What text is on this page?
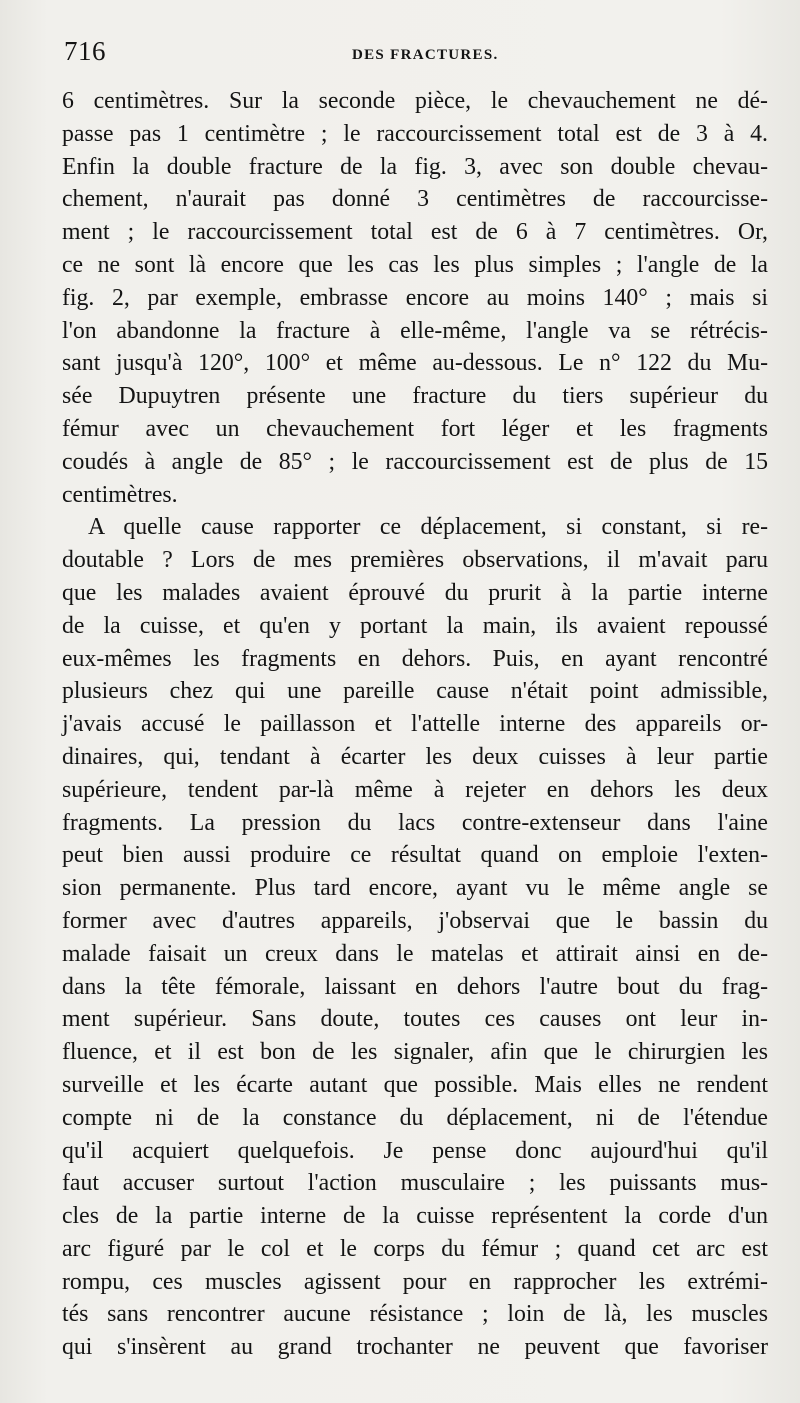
716	DES FRACTURES.
6 centimètres. Sur la seconde pièce, le chevauchement ne dé-
passe pas 1 centimètre ; le raccourcissement total est de 3 à 4.
Enfin la double fracture de la fig. 3, avec son double chevau-
chement, n'aurait pas donné 3 centimètres de raccourcisse-
ment ; le raccourcissement total est de 6 à 7 centimètres. Or,
ce ne sont là encore que les cas les plus simples ; l'angle de la
fig. 2, par exemple, embrasse encore au moins 140° ; mais si
l'on abandonne la fracture à elle-même, l'angle va se rétrécis-
sant jusqu'à 120°, 100° et même au-dessous. Le n° 122 du Mu-
sée Dupuytren présente une fracture du tiers supérieur du
fémur avec un chevauchement fort léger et les fragments
coudés à angle de 85° ; le raccourcissement est de plus de 15
centimètres.
A quelle cause rapporter ce déplacement, si constant, si re-
doutable ? Lors de mes premières observations, il m'avait paru
que les malades avaient éprouvé du prurit à la partie interne
de la cuisse, et qu'en y portant la main, ils avaient repoussé
eux-mêmes les fragments en dehors. Puis, en ayant rencontré
plusieurs chez qui une pareille cause n'était point admissible,
j'avais accusé le paillasson et l'attelle interne des appareils or-
dinaires, qui, tendant à écarter les deux cuisses à leur partie
supérieure, tendent par-là même à rejeter en dehors les deux
fragments. La pression du lacs contre-extenseur dans l'aine
peut bien aussi produire ce résultat quand on emploie l'exten-
sion permanente. Plus tard encore, ayant vu le même angle se
former avec d'autres appareils, j'observai que le bassin du
malade faisait un creux dans le matelas et attirait ainsi en de-
dans la tête fémorale, laissant en dehors l'autre bout du frag-
ment supérieur. Sans doute, toutes ces causes ont leur in-
fluence, et il est bon de les signaler, afin que le chirurgien les
surveille et les écarte autant que possible. Mais elles ne rendent
compte ni de la constance du déplacement, ni de l'étendue
qu'il acquiert quelquefois. Je pense donc aujourd'hui qu'il
faut accuser surtout l'action musculaire ; les puissants mus-
cles de la partie interne de la cuisse représentent la corde d'un
arc figuré par le col et le corps du fémur ; quand cet arc est
rompu, ces muscles agissent pour en rapprocher les extrémi-
tés sans rencontrer aucune résistance ; loin de là, les muscles
qui s'insèrent au grand trochanter ne peuvent que favoriser
